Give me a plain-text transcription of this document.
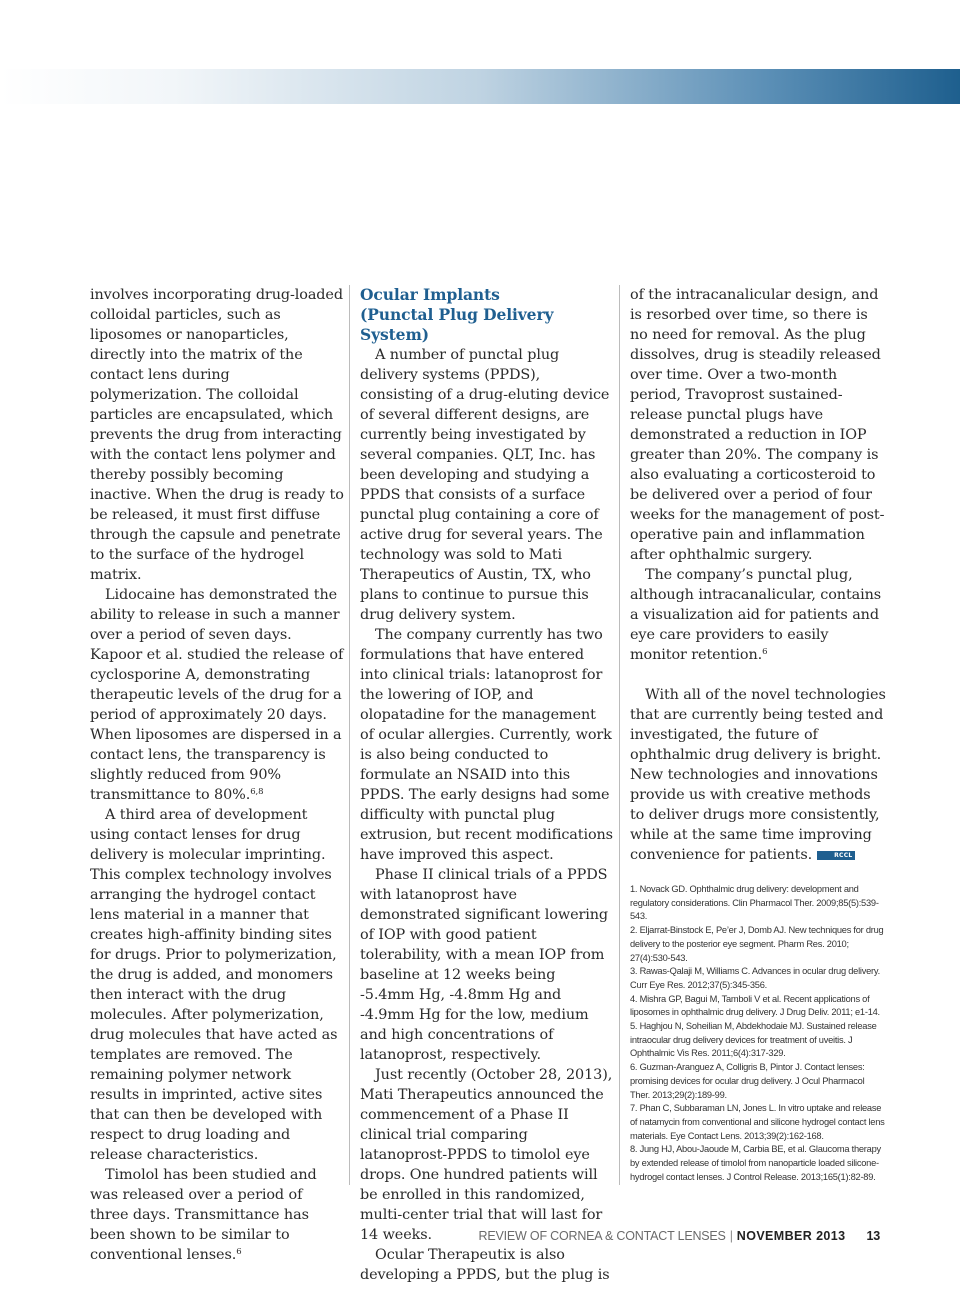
involves incorporating drug-loaded colloidal particles, such as liposomes or nanoparticles, directly into the matrix of the contact lens during polymerization. The colloidal particles are encapsulated, which prevents the drug from interacting with the contact lens polymer and thereby possibly becoming inactive. When the drug is ready to be released, it must first diffuse through the capsule and penetrate to the surface of the hydrogel matrix.

Lidocaine has demonstrated the ability to release in such a manner over a period of seven days. Kapoor et al. studied the release of cyclosporine A, demonstrating therapeutic levels of the drug for a period of approximately 20 days. When liposomes are dispersed in a contact lens, the transparency is slightly reduced from 90% transmittance to 80%.$^{6,8}$

A third area of development using contact lenses for drug delivery is molecular imprinting. This complex technology involves arranging the hydrogel contact lens material in a manner that creates high-affinity binding sites for drugs. Prior to polymerization, the drug is added, and monomers then interact with the drug molecules. After polymerization, drug molecules that have acted as templates are removed. The remaining polymer network results in imprinted, active sites that can then be developed with respect to drug loading and release characteristics.

Timolol has been studied and was released over a period of three days. Transmittance has been shown to be similar to conventional lenses.$^6$

Ocular Implants
(Punctal Plug Delivery System)

A number of punctal plug delivery systems (PPDS), consisting of a drug-eluting device of several different designs, are currently being investigated by several companies. QLT, Inc. has been developing and studying a PPDS that consists of a surface punctal plug containing a core of active drug for several years. The technology was sold to Mati Therapeutics of Austin, TX, who plans to continue to pursue this drug delivery system.

The company currently has two formulations that have entered into clinical trials: latanoprost for the lowering of IOP, and olopatadine for the management of ocular allergies. Currently, work is also being conducted to formulate an NSAID into this PPDS. The early designs had some difficulty with punctal plug extrusion, but recent modifications have improved this aspect.

Phase II clinical trials of a PPDS with latanoprost have demonstrated significant lowering of IOP with good patient tolerability, with a mean IOP from baseline at 12 weeks being -5.4mm Hg, -4.8mm Hg and -4.9mm Hg for the low, medium and high concentrations of latanoprost, respectively.

Just recently (October 28, 2013), Mati Therapeutics announced the commencement of a Phase II clinical trial comparing latanoprost-PPDS to timolol eye drops. One hundred patients will be enrolled in this randomized, multi-center trial that will last for 14 weeks.

Ocular Therapeutix is also developing a PPDS, but the plug is

of the intracanalicular design, and is resorbed over time, so there is no need for removal. As the plug dissolves, drug is steadily released over time. Over a two-month period, Travoprost sustained-release punctal plugs have demonstrated a reduction in IOP greater than 20%. The company is also evaluating a corticosteroid to be delivered over a period of four weeks for the management of post-operative pain and inflammation after ophthalmic surgery.

The company’s punctal plug, although intracanalicular, contains a visualization aid for patients and eye care providers to easily monitor retention.$^6$

With all of the novel technologies that are currently being tested and investigated, the future of ophthalmic drug delivery is bright. New technologies and innovations provide us with creative methods to deliver drugs more consistently, while at the same time improving convenience for patients.	RCCL

1. Novack GD. Ophthalmic drug delivery: development and regulatory considerations. Clin Pharmacol Ther. 2009;85(5):539-543.
2. Eljarrat-Binstock E, Pe’er J, Domb AJ. New techniques for drug delivery to the posterior eye segment. Pharm Res. 2010; 27(4):530-543.
3. Rawas-Qalaji M, Williams C. Advances in ocular drug delivery. Curr Eye Res. 2012;37(5):345-356.
4. Mishra GP, Bagui M, Tamboli V et al. Recent applications of liposomes in ophthalmic drug delivery. J Drug Deliv. 2011; e1-14.
5. Haghjou N, Soheilian M, Abdekhodaie MJ. Sustained release intraocular drug delivery devices for treatment of uveitis. J Ophthalmic Vis Res. 2011;6(4):317-329.
6. Guzman-Aranguez A, Colligris B, Pintor J. Contact lenses: promising devices for ocular drug delivery. J Ocul Pharmacol Ther. 2013;29(2):189-99.
7. Phan C, Subbaraman LN, Jones L. In vitro uptake and release of natamycin from conventional and silicone hydrogel contact lens materials. Eye Contact Lens. 2013;39(2):162-168.
8. Jung HJ, Abou-Jaoude M, Carbia BE, et al. Glaucoma therapy by extended release of timolol from nanoparticle loaded silicone-hydrogel contact lenses. J Control Release. 2013;165(1):82-89.
REVIEW OF CORNEA & CONTACT LENSES | NOVEMBER 2013 13
